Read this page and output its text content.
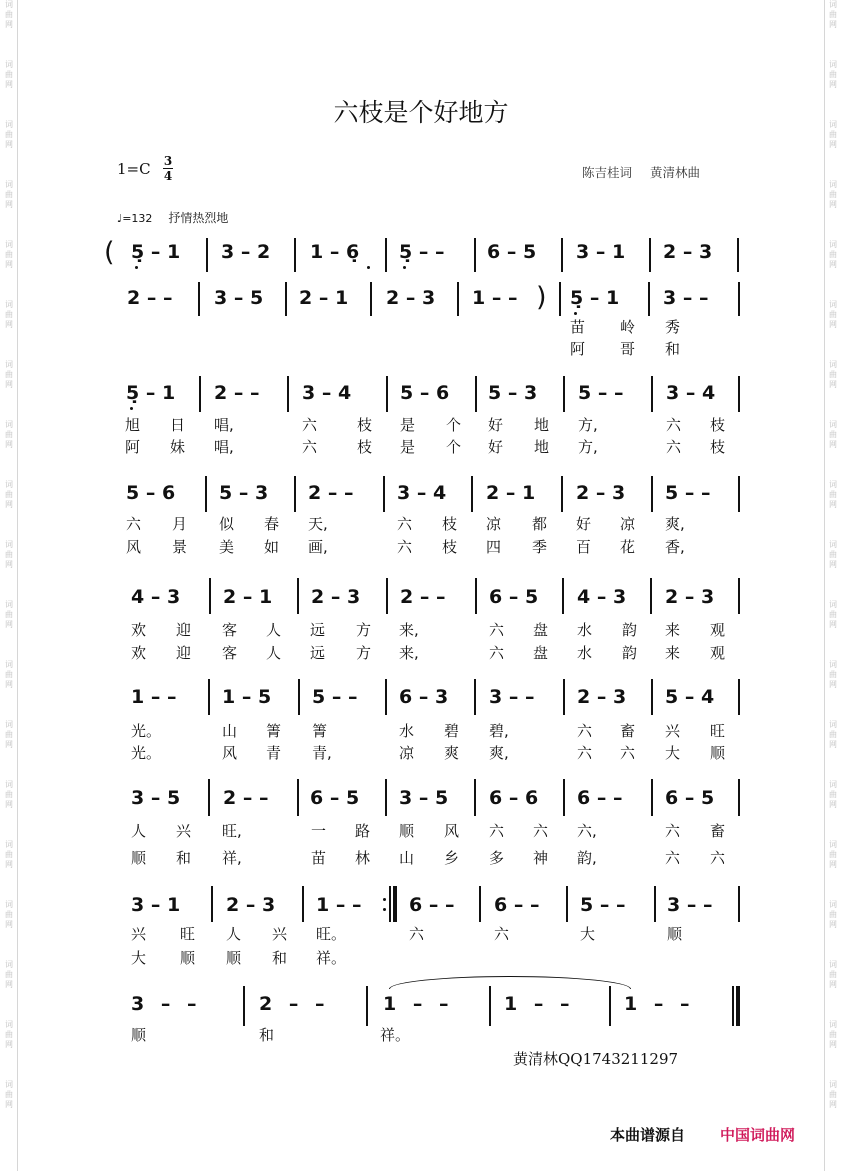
词
曲
网
词
曲
网
词
曲
网
词
曲
网
词
曲
网
词
曲
网
词
曲
网
词
曲
网
词
曲
网
词
曲
网
词
曲
网
词
曲
网
词
曲
网
词
曲
网
词
曲
网
词
曲
网
词
曲
网
词
曲
网
词
曲
网
词
曲
网
词
曲
网
词
曲
网
词
曲
网
词
曲
网
词
曲
网
词
曲
网
词
曲
网
词
曲
网
词
曲
网
词
曲
网
词
曲
网
词
曲
网
词
曲
网
词
曲
网
词
曲
网
词
曲
网
词
曲
网
词
曲
网
六枝是个好地方
1=C 3
4	陈吉桂词 黄清林曲
♩=132 抒情热烈地
( 5̣ – 1 3 – 2 1 – 6̣ 5̣ – – 6 – 5 3 – 1 2 – 3
2 – – 3 – 5 2 – 1 2 – 3 1 – – ) 5̣ – 1 3 – –
苗 岭 秀
阿 哥 和
5̣ – 1 2 – – 3 – 4	5 – 6 5 – 3 5 – – 3 – 4
旭 日 唱,	六	枝 是 个 好 地 方,	六 枝
阿 妹 唱,	六	枝 是 个 好 地 方,	六 枝
5 – 6 5 – 3 2 – – 3 – 4 2 – 1 2 – 3 5 – –
六 月 似 春 天,	六 枝 凉 都 好 凉 爽,
风 景 美 如 画,	六 枝 四 季 百 花 香,
4 – 3 2 – 1 2 – 3 2 – – 6 – 5 4 – 3 2 – 3
欢 迎 客 人 远 方 来,	六 盘 水 韵 来 观
欢 迎 客 人 远 方 来,	六 盘 水 韵 来 观
1 – – 1 – 5 5 – – 6 – 3 3 – – 2 – 3 5 – 4
光。	山 箐 箐	水 碧 碧,	六 畜 兴 旺
光。	风 青 青,	凉 爽 爽,	六 六 大 顺
3 – 5 2 – – 6 – 5 3 – 5 6 – 6 6 – – 6 – 5
人 兴 旺,	一 路 顺 风 六 六 六,	六 畜
顺 和 祥,	苗 林 山 乡 多 神 韵,	六 六
3 – 1 2 – 3 1 – –	6 – – 6 – – 5 – – 3 – –
兴 旺 人 兴 旺。	六	六	大	顺
大 顺 顺 和 祥。
3 – –	2 – –	1 – –	1 – –	1 – –
顺	和	祥。
黄清林QQ1743211297
本曲谱源自 中国词曲网
